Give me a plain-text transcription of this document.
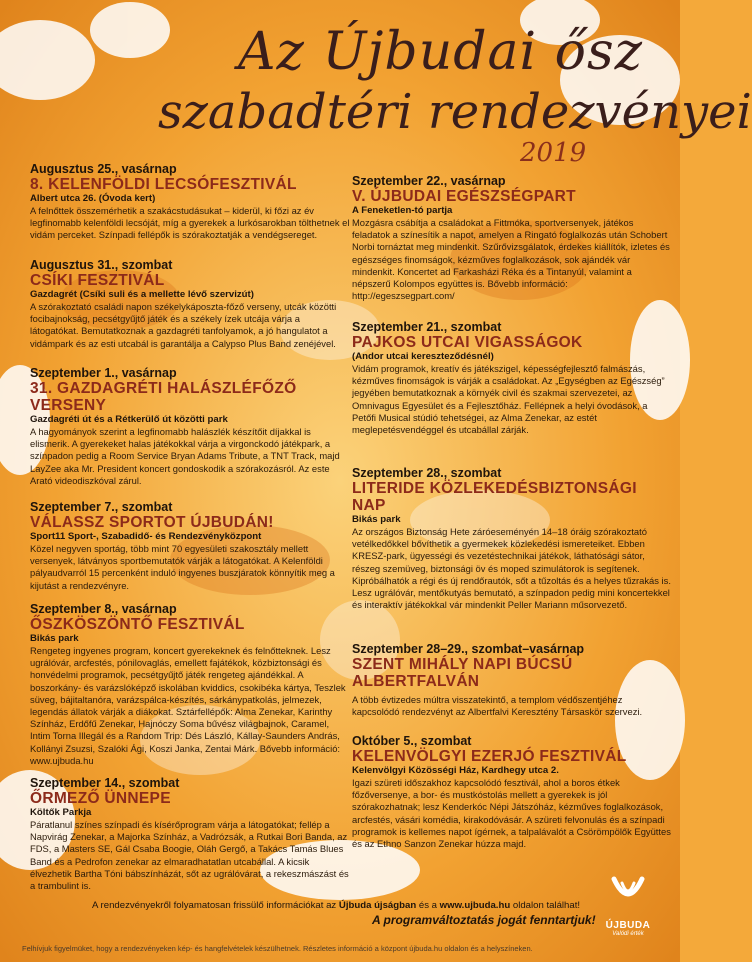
Az Újbudai ősz
szabadtéri rendezvényei
2019
Augusztus 25., vasárnap
8. KELENFÖLDI LECSÓFESZTIVÁL
Albert utca 26. (Óvoda kert)
A felnőttek összemérhetik a szakácstudásukat – kiderül, ki főzi az év legfinomabb kelenföldi lecsóját, míg a gyerekek a lurkósarokban tölthetnek el vidám perceket. Színpadi fellépők is szórakoztatják a vendégsereget.
Augusztus 31., szombat
CSÍKI FESZTIVÁL
Gazdagrét (Csíki suli és a mellette lévő szervizút)
A szórakoztató családi napon székelykáposzta-főző verseny, utcák közötti focibajnokság, pecsétgyűjtő játék és a székely ízek utcája várja a látogatókat. Bemutatkoznak a gazdagréti tanfolyamok, a jó hangulatot a vidámpark és az esti utcabál is garantálja a Calypso Plus Band zenéjével.
Szeptember 1., vasárnap
31. GAZDAGRÉTI HALÁSZLÉFŐZŐ VERSENY
Gazdagréti út és a Rétkerülő út közötti park
A hagyományok szerint a legfinomabb halászlék készítőit díjakkal is elismerik. A gyerekeket halas játékokkal várja a virgonckodó játékpark, a színpadon pedig a Room Service Bryan Adams Tribute, a TNT Track, majd LayZee aka Mr. President koncert gondoskodik a szórakozásról. Az este Arató videodiszkóval zárul.
Szeptember 7., szombat
VÁLASSZ SPORTOT ÚJBUDÁN!
Sport11 Sport-, Szabadidő- és Rendezvényközpont
Közel negyven sportág, több mint 70 egyesületi szakosztály mellett versenyek, látványos sportbemutatók várják a látogatókat. A Kelenföldi pályaudvarról 15 percenként induló ingyenes buszjáratok könnyítik meg a kijutást a rendezvényre.
Szeptember 8., vasárnap
ŐSZKÖSZÖNTŐ FESZTIVÁL
Bikás park
Rengeteg ingyenes program, koncert gyerekeknek és felnőtteknek. Lesz ugrálóvár, arcfestés, pónilovaglás, emellett fajátékok, közbiztonsági és honvédelmi programok, pecsétgyűjtő játék rengeteg ajándékkal. A boszorkány- és varázslóképző iskolában kviddics, csokibéka kártya, Teszlek süveg, bájitaltanóra, varázspálca-készítés, sárkánypatkolás, jelmezek, legendás állatok várják a diákokat. Sztárfellépők: Alma Zenekar, Karinthy Színház, Erdőfű Zenekar, Hajnóczy Soma bűvész világbajnok, Caramel, Intim Torna Illegál és a Random Trip: Dés László, Kállay-Saunders András, Kollányi Zsuzsi, Szalóki Ági, Koszi Janka, Zentai Márk. Bővebb információ: www.ujbuda.hu
Szeptember 14., szombat
ŐRMEZŐ ÜNNEPE
Költők Parkja
Páratlanul színes színpadi és kísérőprogram várja a látogatókat; fellép a Napvirág Zenekar, a Majorka Színház, a Vadrózsák, a Rutkai Bori Banda, az FDS, a Masters SE, Gál Csaba Boogie, Oláh Gergő, a Takács Tamás Blues Band és a Pedrofon zenekar az elmaradhatatlan utcabállal. A kicsik élvezhetik Bartha Tóni bábszínházát, sőt az ugrálóvárat, a rekeszmászást és a trambulint is.
Szeptember 22., vasárnap
V. ÚJBUDAI EGÉSZSÉGPART
A Feneketlen-tó partja
Mozgásra csábítja a családokat a Fittmóka, sportversenyek, játékos feladatok a színesítik a napot, amelyen a Ringató foglalkozás után Schobert Norbi tornáztat meg mindenkit. Szűrővizsgálatok, érdekes kiállítók, izletes és egészséges finomságok, kézműves foglalkozások, sok ajándék vár mindenkit. Koncertet ad Farkasházi Réka és a Tintanyúl, valamint a népszerű Kolompos együttes is. Bővebb információ: http://egeszsegpart.com/
Szeptember 21., szombat
PAJKOS UTCAI VIGASSÁGOK
(Andor utcai kereszteződésnél)
Vidám programok, kreatív és játékszigel, képességfejlesztő falmászás, kézműves finomságok is várják a családokat. Az „Egységben az Egészség” jegyében bemutatkoznak a környék civil és szakmai szervezetei, az Omnivagus Egyesület és a Fejlesztőház. Fellépnek a helyi óvodások, a Petőfi Musical stúdió tehetségei, az Alma Zenekar, az estét meglepetésvendéggel és utcabállal zárják.
Szeptember 28., szombat
LITERIDE KÖZLEKEDÉSBIZTONSÁGI NAP
Bikás park
Az országos Biztonság Hete záróeseményén 14–18 óráig szórakoztató vetélkedőkkel bővíthetik a gyermekek közlekedési ismereteiket. Ebben KRESZ-park, ügyességi és vezetéstechnikai játékok, láthatósági sátor, részeg szemüveg, biztonsági öv és moped szimulátorok is segítenek. Kipróbálhatók a régi és új rendőrautók, sőt a tűzoltás és a helyes tűzrakás is. Lesz ugrálóvár, mentőkutyás bemutató, a színpadon pedig mini koncertekkel és interaktív játékokkal vár mindenkit Peller Mariann műsorvezető.
Szeptember 28–29., szombat–vasárnap
SZENT MIHÁLY NAPI BÚCSÚ ALBERTFALVÁN
A több évtizedes múltra visszatekintő, a templom védőszentjéhez kapcsolódó rendezvényt az Albertfalvi Keresztény Társaskör szervezi.
Október 5., szombat
KELENVÖLGYI EZERJÓ FESZTIVÁL
Kelenvölgyi Közösségi Ház, Kardhegy utca 2.
Igazi szüreti időszakhoz kapcsolódó fesztivál, ahol a boros étkek főzőversenye, a bor- és mustkóstolás mellett a gyerekek is jól szórakozhatnak; lesz Kenderkóc Népi Játszóház, kézműves foglalkozások, arcfestés, vásári komédia, kirakodóvásár. A szüreti felvonulás és a színpadi programok is kellemes napot ígérnek, a talpalávalót a Csörömpölők Együttes és az Ethno Sanzon Zenekar húzza majd.
A rendezvényekről folyamatosan frissülő információkat az Újbuda újságban és a www.ujbuda.hu oldalon találhat!
A programváltoztatás jogát fenntartjuk!
Felhívjuk figyelmüket, hogy a rendezvényeken kép- és hangfelvételek készülhetnek. Részletes információ a központ újbuda.hu oldalon és a helyszíneken.
ÚJBUDA
Valódi érték
